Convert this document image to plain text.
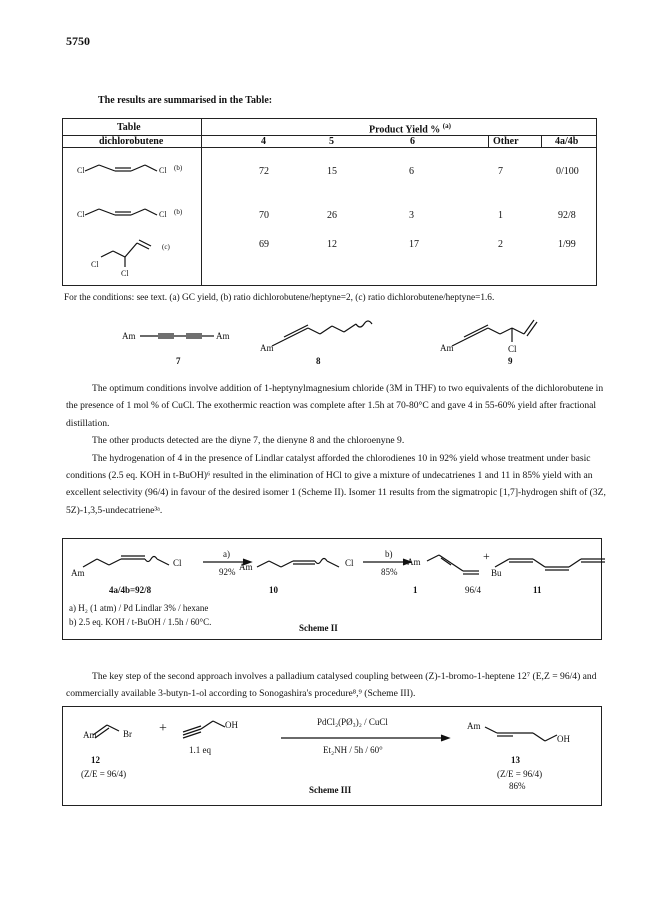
5750
The results are summarised in the Table:
Table	Product Yield % $^{(a)}$
dichlorobutene	4	5	6	Other	4a/4b
Cl	Cl (b)
Cl	Cl (b)
Cl
Cl
(c)
72	15	6	7	0/100
70	26	3	1	92/8
69	12	17	2	1/99
For the conditions: see text. (a) GC yield, (b) ratio dichlorobutene/heptyne=2, (c) ratio dichlorobutene/heptyne=1.6.
Am	Am
7
Am
8
Am	Cl
9

The optimum conditions involve addition of 1-heptynylmagnesium chloride (3M in THF) to two equivalents of the dichlorobutene in the presence of 1 mol % of CuCl. The exothermic reaction was complete after 1.5h at 70-80°C and gave 4 in 55-60% yield after fractional distillation.

The other products detected are the diyne 7, the dienyne 8 and the chloroenyne 9.

The hydrogenation of 4 in the presence of Lindlar catalyst afforded the chlorodienes 10 in 92% yield whose treatment under basic conditions (2.5 eq. KOH in t-BuOH)⁶ resulted in the elimination of HCl to give a mixture of undecatrienes 1 and 11 in 85% yield with an excellent selectivity (96/4) in favour of the desired isomer 1 (Scheme II). Isomer 11 results from the sigmatropic [1,7]-hydrogen shift of (3Z, 5Z)-1,3,5-undecatriene³ᵃ.

Am
Cl
a)
92% Am	Cl
b)
85%
Am	+
Bu
4a/4b=92/8	10	1	96/4	11
a) H₂ (1 atm) / Pd Lindlar 3% / hexane
b) 2.5 eq. KOH / t-BuOH / 1.5h / 60°C.
Scheme II

The key step of the second approach involves a palladium catalysed coupling between (Z)-1-bromo-1-heptene 12⁷ (E,Z = 96/4) and commercially available 3-butyn-1-ol according to Sonogashira's procedure⁸,⁹ (Scheme III).

Am	Br +	OH
1.1 eq
PdCl₂(PØ₃)₂ / CuCl
Et₂NH / 5h / 60°
Am
OH
12
(Z/E = 96/4)
13
(Z/E = 96/4)
86%
Scheme III
